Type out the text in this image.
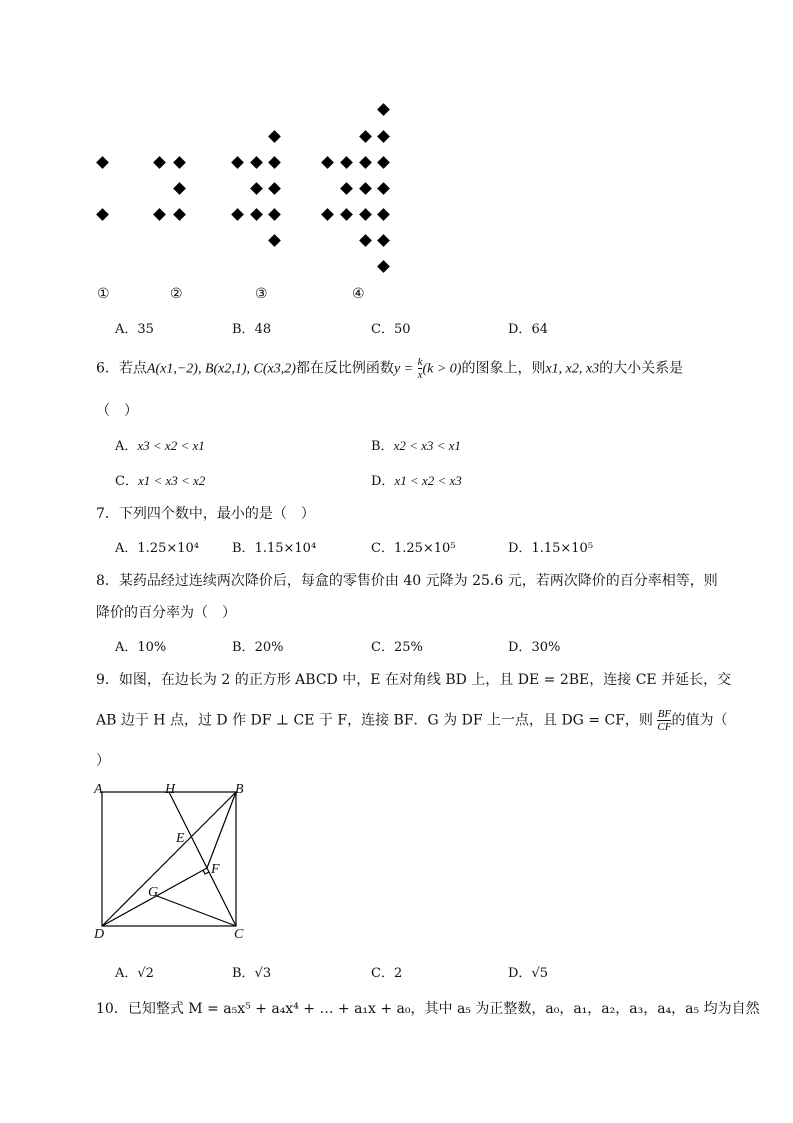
①	②	③	④
A．35	B．48	C．50	D．64
6．若点A(x1,−2), B(x2,1), C(x3,2)都在反比例函数$y = \frac{k}{x} (k > 0)$的图象上，则x1, x2, x3的大小关系是
（　）
A．x3 < x2 < x1	B．x2 < x3 < x1
C．x1 < x3 < x2	D．x1 < x2 < x3
7．下列四个数中，最小的是（　）
A．1.25×10⁴	B．1.15×10⁴	C．1.25×10⁵	D．1.15×10⁵
8．某药品经过连续两次降价后，每盒的零售价由 40 元降为 25.6 元，若两次降价的百分率相等，则
降价的百分率为（　）
A．10%	B．20%	C．25%	D．30%
9．如图，在边长为 2 的正方形 ABCD 中，E 在对角线 BD 上，且 DE = 2BE，连接 CE 并延长，交
AB 边于 H 点，过 D 作 DF ⊥ CE 于 F，连接 BF．G 为 DF 上一点，且 DG = CF，则 $\frac{BF}{CF}$ 的值为（
）
A	H	B
E
F
G
D	C
A．√2	B．√3	C．2	D．√5
10．已知整式 M = a₅x⁵ + a₄x⁴ + … + a₁x + a₀，其中 a₅ 为正整数，a₀，a₁，a₂，a₃，a₄，a₅ 均为自然
